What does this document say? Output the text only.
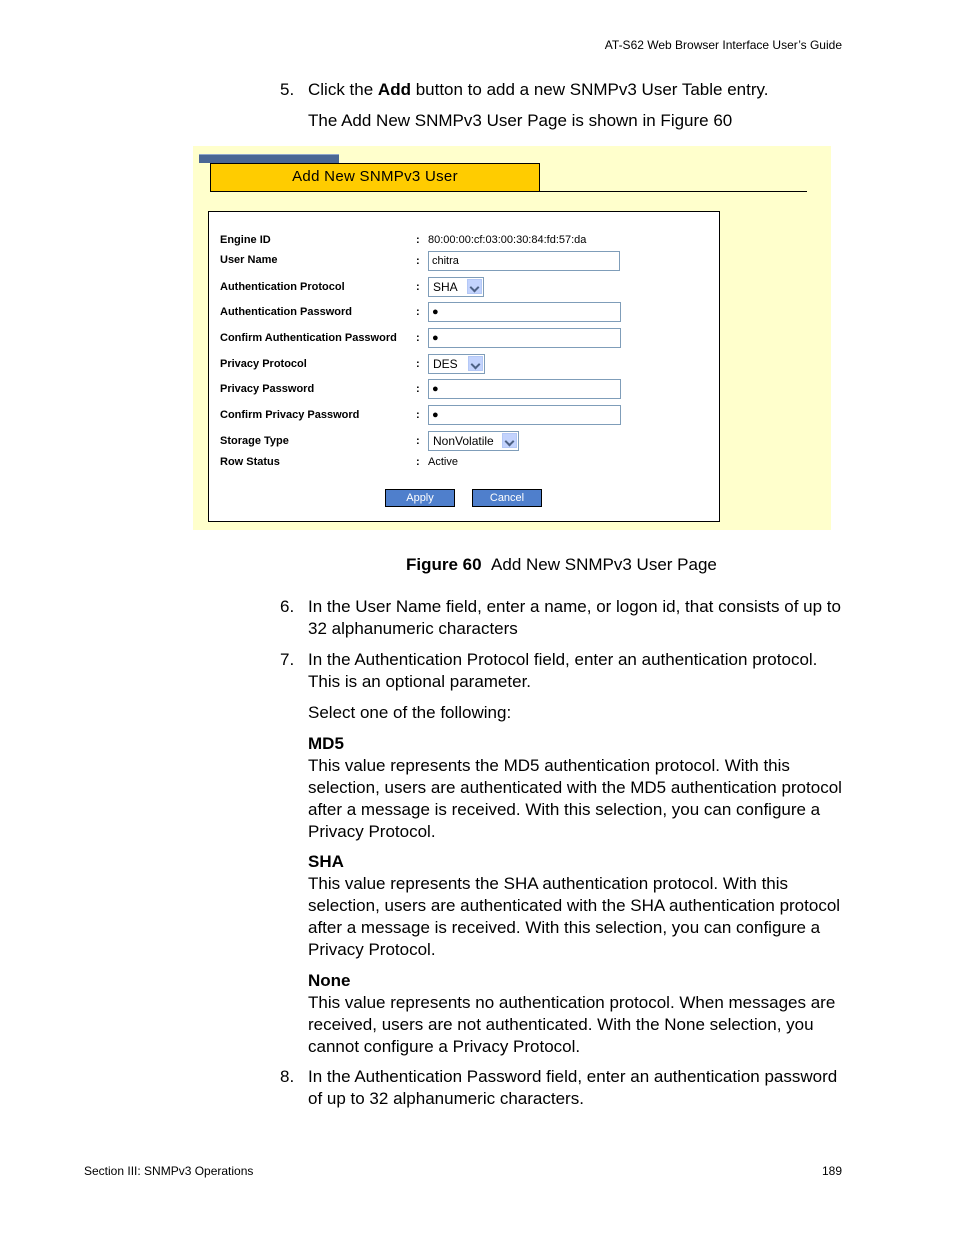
AT-S62 Web Browser Interface User’s Guide
5. Click the Add button to add a new SNMPv3 User Table entry.
The Add New SNMPv3 User Page is shown in Figure 60
Add New SNMPv3 User
Engine ID	: 80:00:00:cf:03:00:30:84:fd:57:da
User Name	: chitra
Authentication Protocol	: SHA
Authentication Password	: ●
Confirm Authentication Password : ●
Privacy Protocol	: DES
Privacy Password	: ●
Confirm Privacy Password	: ●
Storage Type	: NonVolatile
Row Status	: Active
Apply	Cancel
Figure 60 Add New SNMPv3 User Page
6. In the User Name field, enter a name, or logon id, that consists of up to 32 alphanumeric characters
7. In the Authentication Protocol field, enter an authentication protocol. This is an optional parameter.
Select one of the following:
MD5
This value represents the MD5 authentication protocol. With this selection, users are authenticated with the MD5 authentication protocol after a message is received. With this selection, you can configure a Privacy Protocol.
SHA
This value represents the SHA authentication protocol. With this selection, users are authenticated with the SHA authentication protocol after a message is received. With this selection, you can configure a Privacy Protocol.
None
This value represents no authentication protocol. When messages are received, users are not authenticated. With the None selection, you cannot configure a Privacy Protocol.
8. In the Authentication Password field, enter an authentication password of up to 32 alphanumeric characters.
Section III: SNMPv3 Operations	189
